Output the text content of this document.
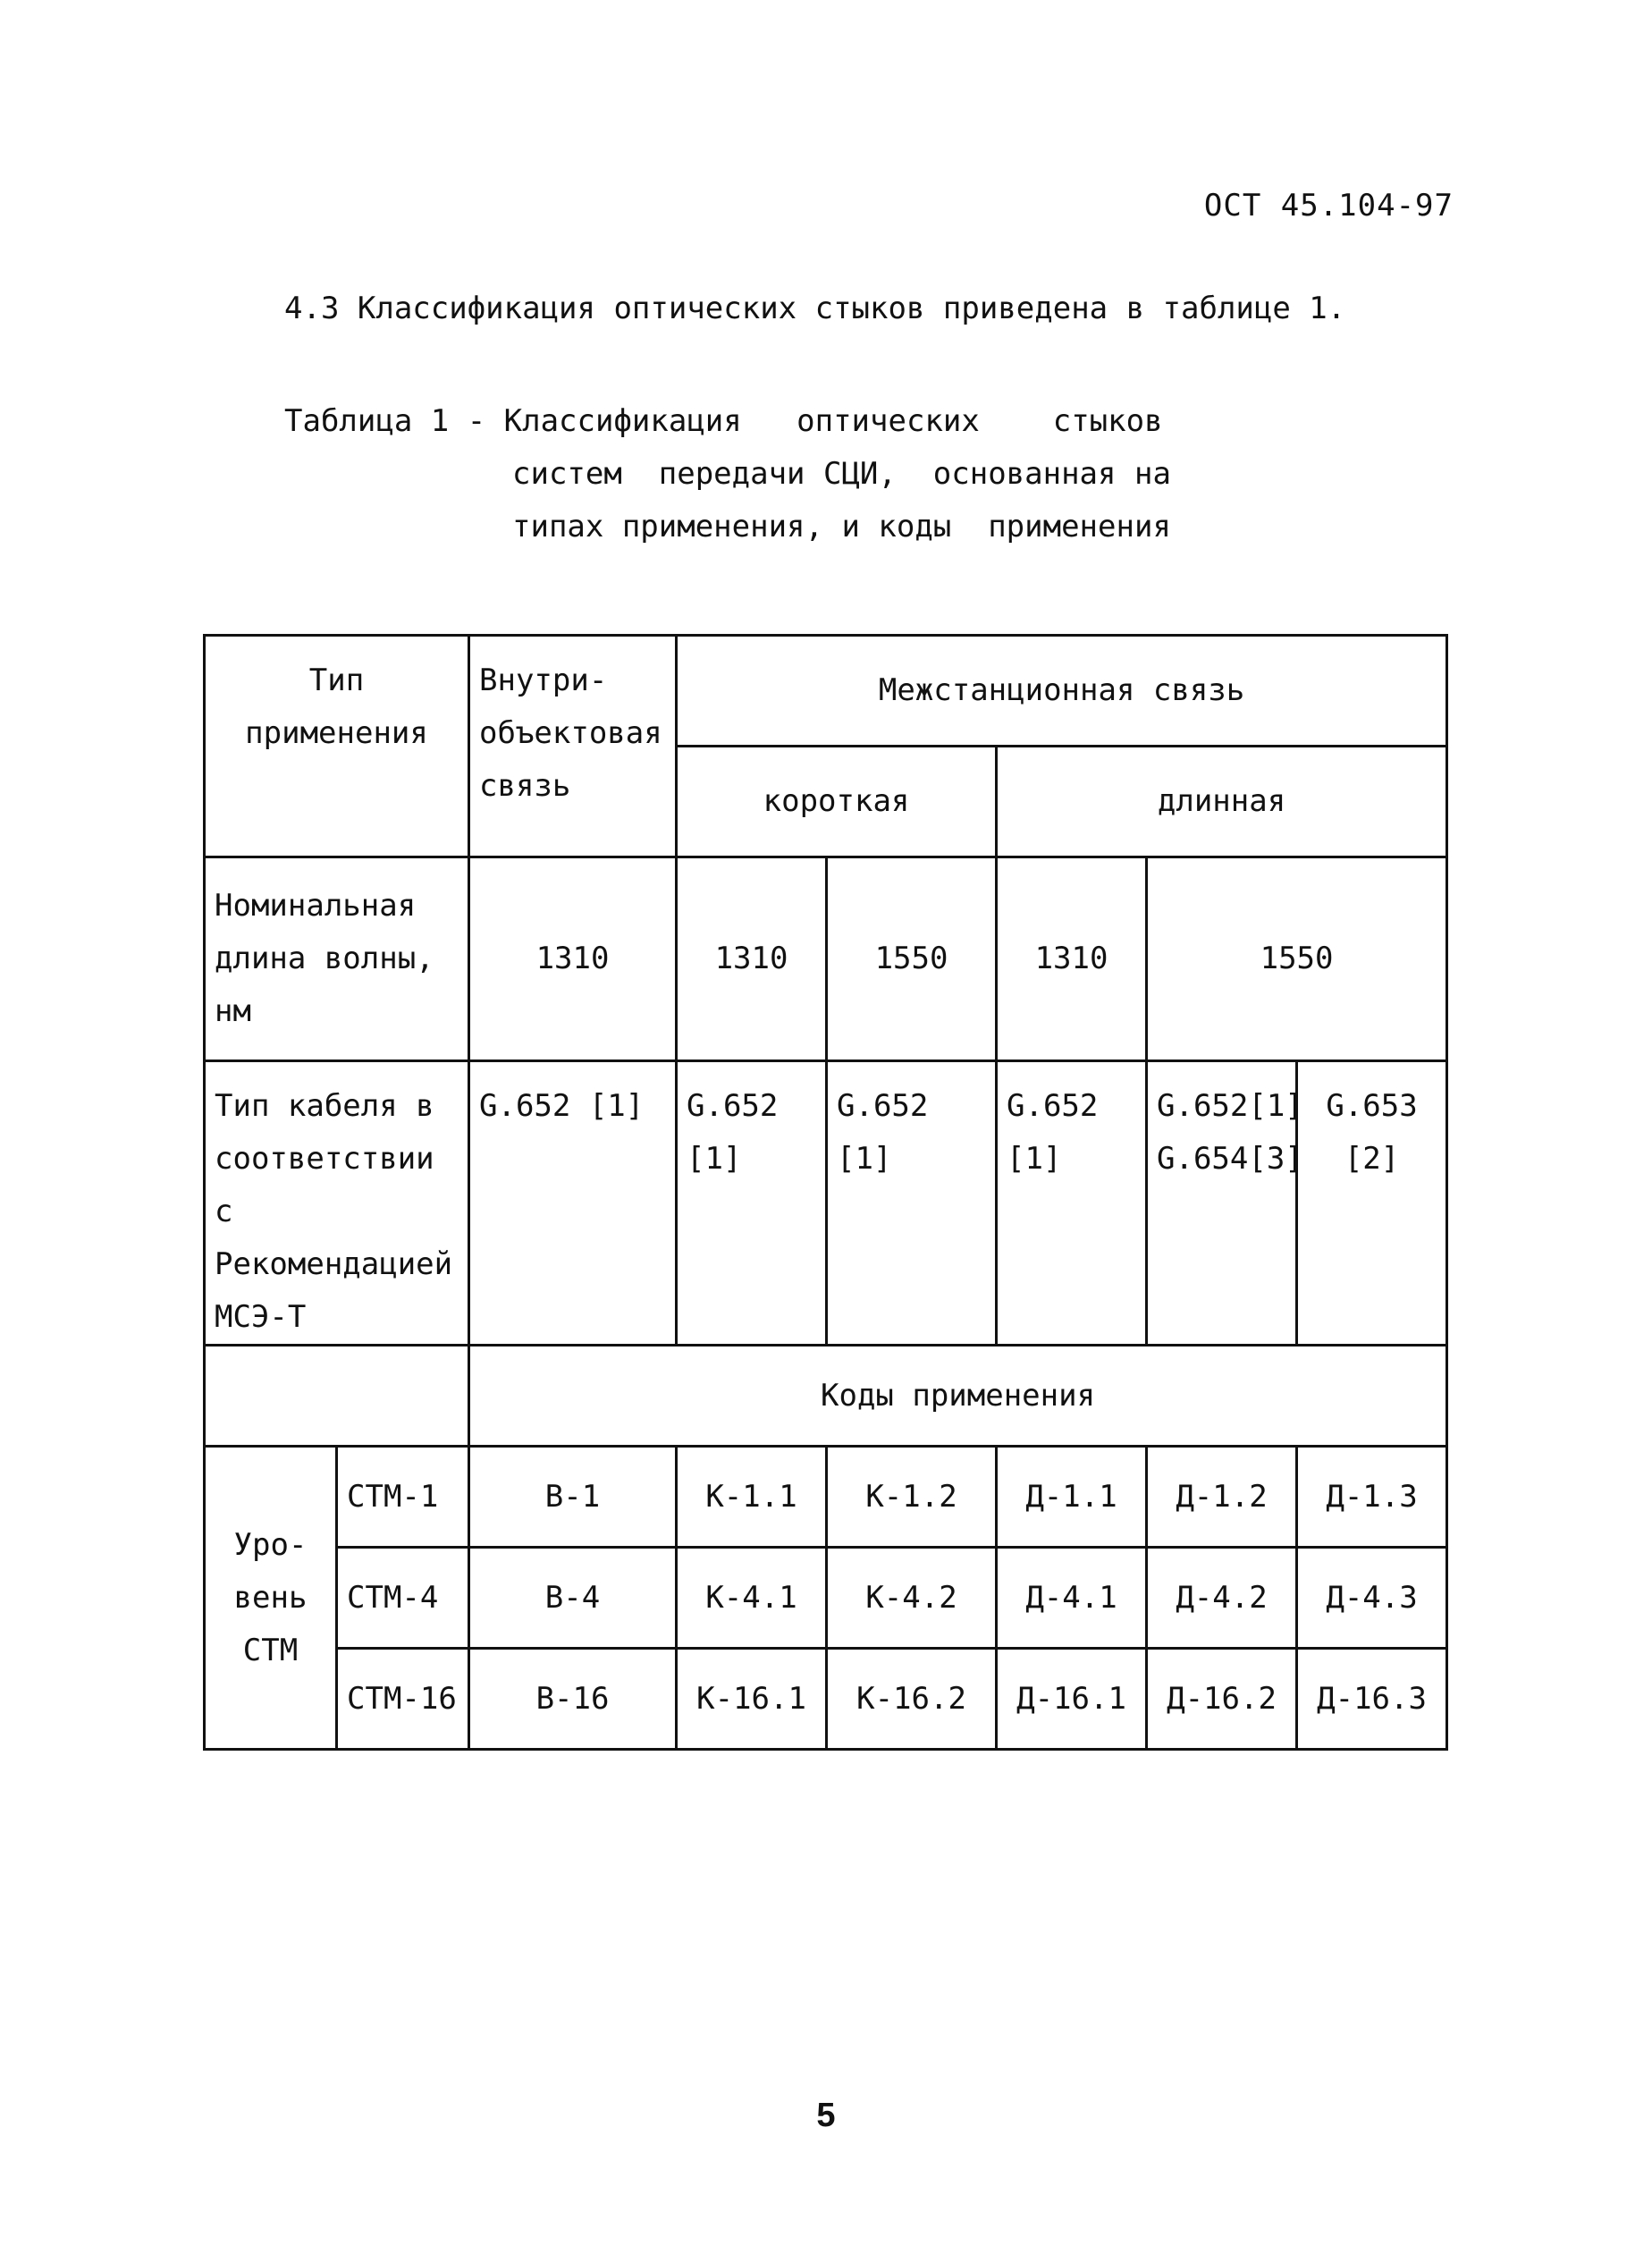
ОСТ 45.104-97
4.3 Классификация оптических стыков приведена в таблице 1.
Таблица 1 - Классификация   оптических    стыков
систем  передачи СЦИ,  основанная на
типах применения, и коды  применения
Тип применения		Внутри-объектовая связь	Межстанционная связь				
			короткая		длинная		
Номинальная длина волны, нм		1310	1310	1550	1310	1550	
Тип кабеля в соответствии с Рекомендацией МСЭ-Т		G.652 [1]	G.652 [1]	G.652 [1]	G.652 [1]	G.652[1] G.654[3]	G.653 [2]
		Коды применения					
Уро-вень СТМ	СТМ-1	В-1	К-1.1	К-1.2	Д-1.1	Д-1.2	Д-1.3
	СТМ-4	В-4	К-4.1	К-4.2	Д-4.1	Д-4.2	Д-4.3
	СТМ-16	В-16	К-16.1	К-16.2	Д-16.1	Д-16.2	Д-16.3
5
